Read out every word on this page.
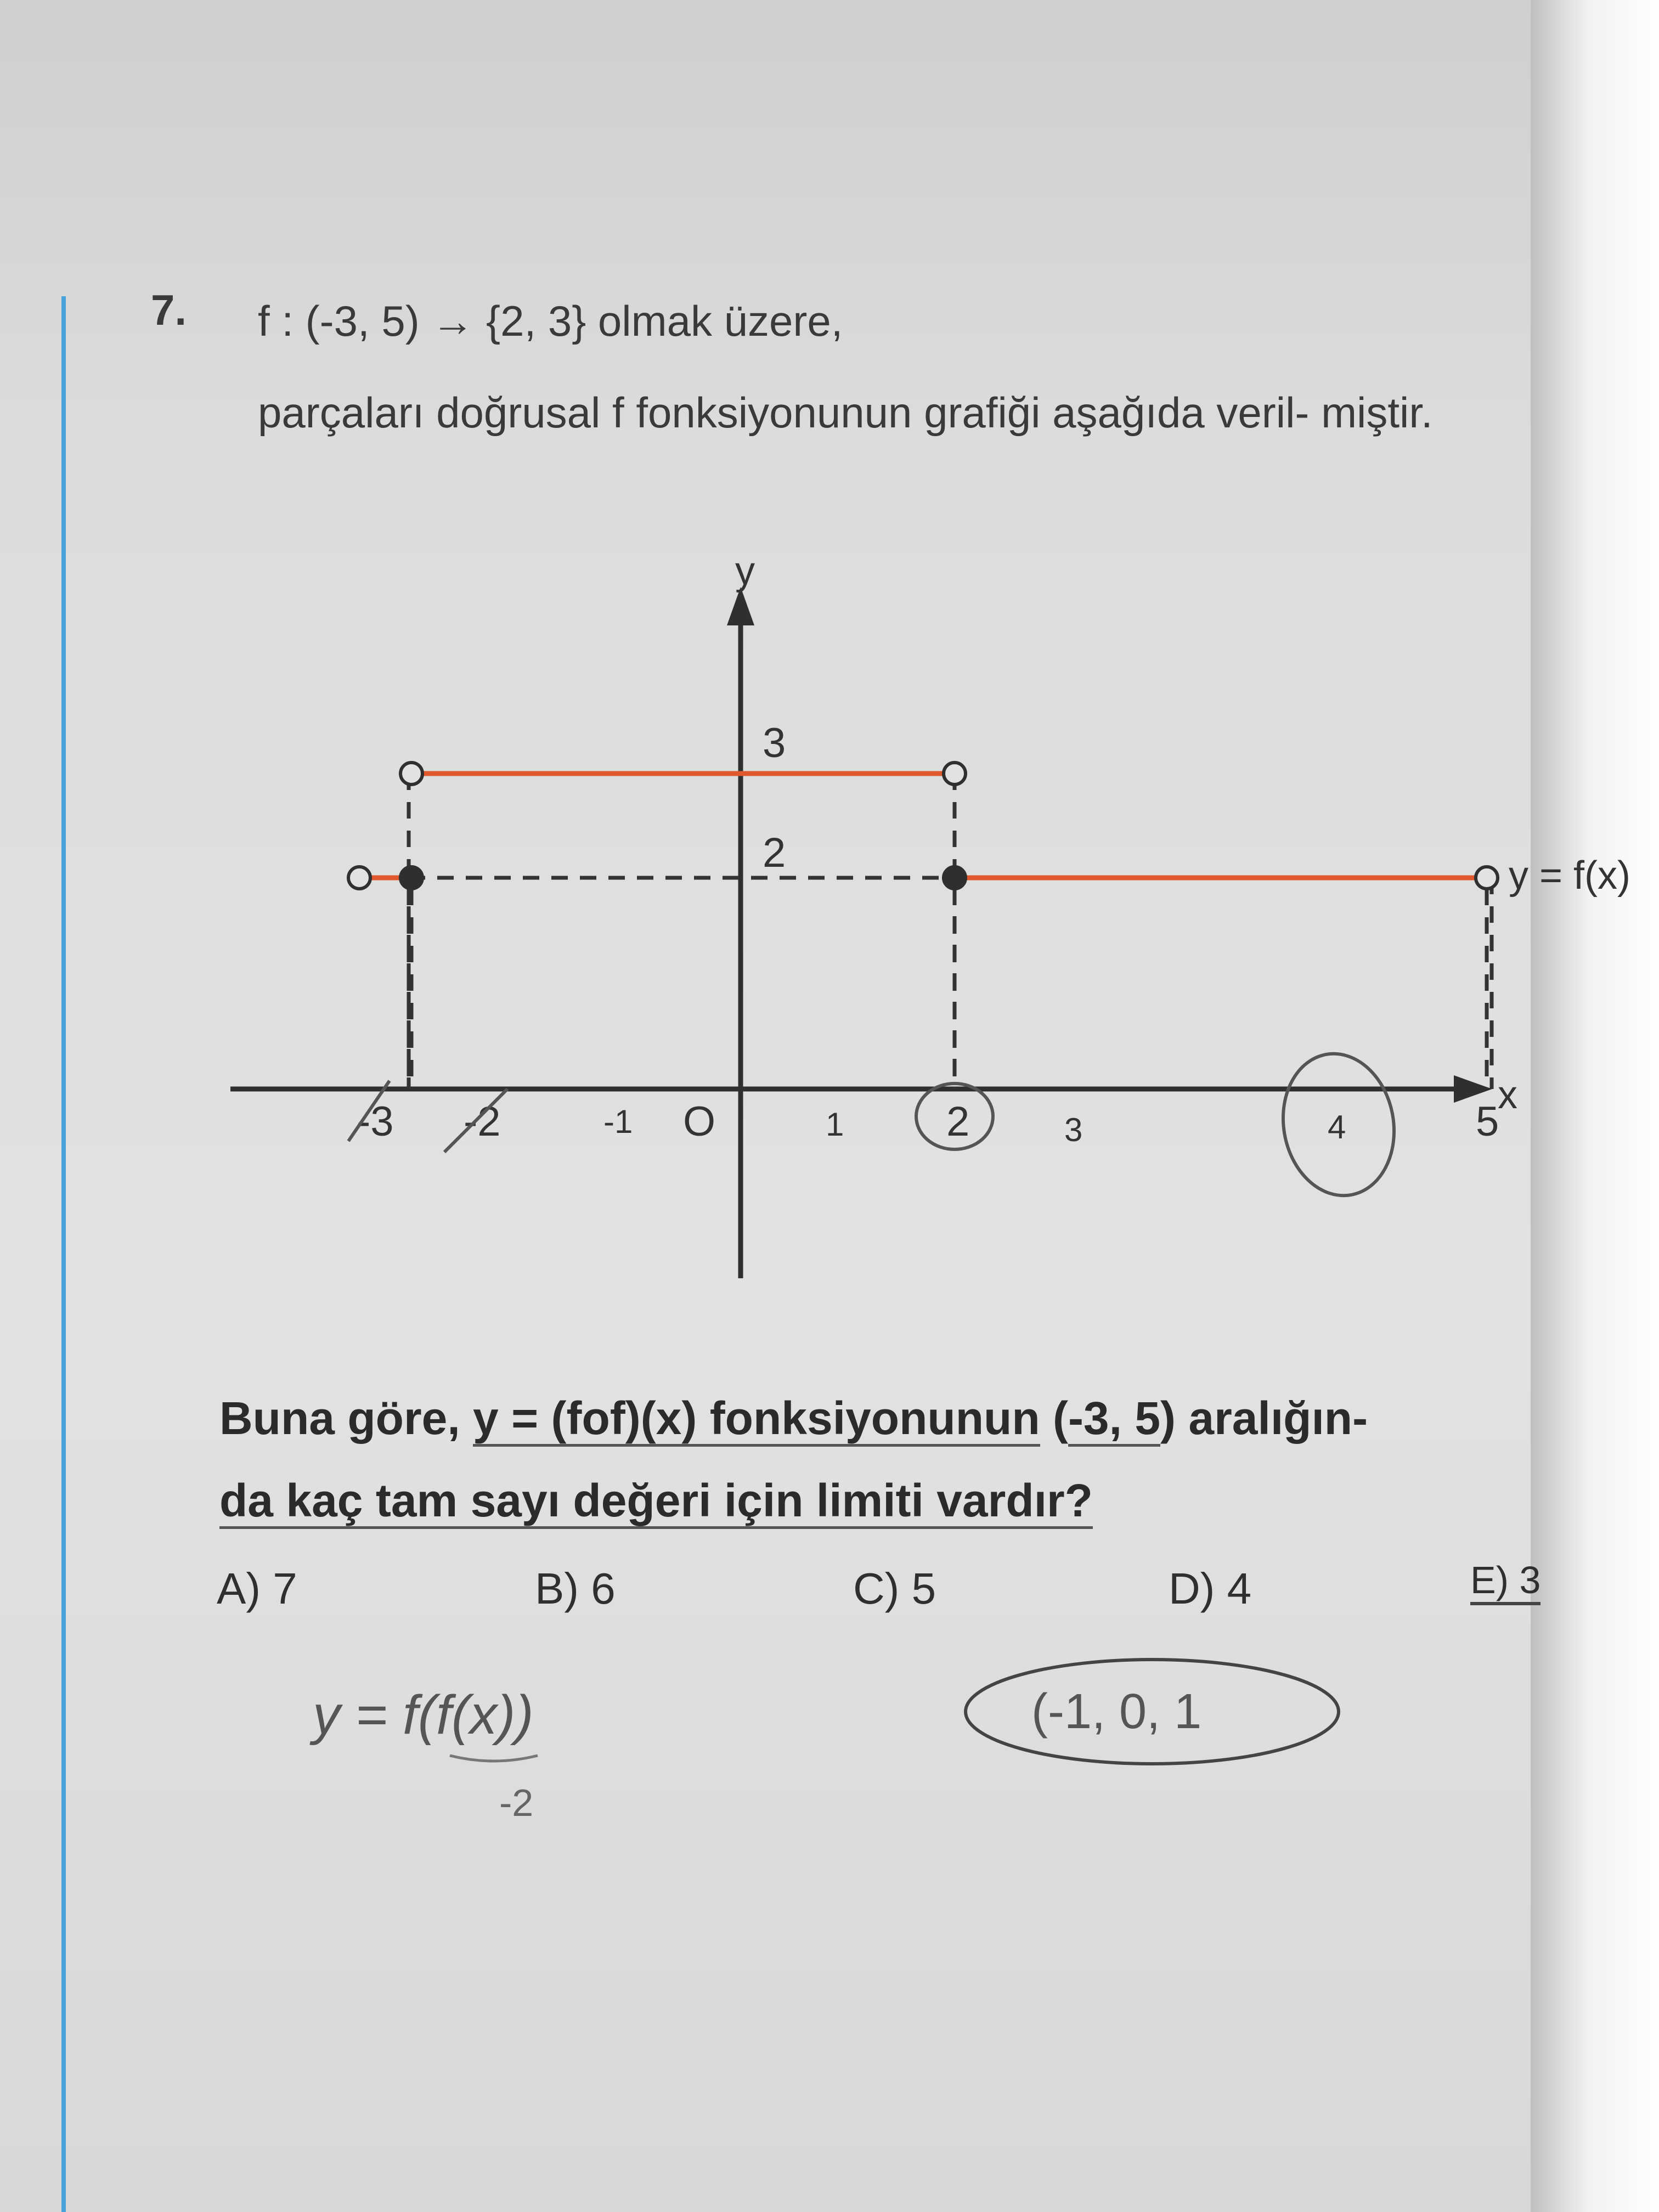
7. f : (-3, 5) → {2, 3} olmak üzere,
parçaları doğrusal f fonksiyonunun grafiği aşağıda veril- miştir.
y
x
O
3
2
-3 -2	2	5
y = f(x)
-1	1	3	4
Buna göre, y = (fof)(x) fonksiyonunun (-3, 5) aralığın-
da kaç tam sayı değeri için limiti vardır?
A) 7	B) 6	C) 5	D) 4	E) 3
y = f(f(x))
-2
(-1, 0, 1
